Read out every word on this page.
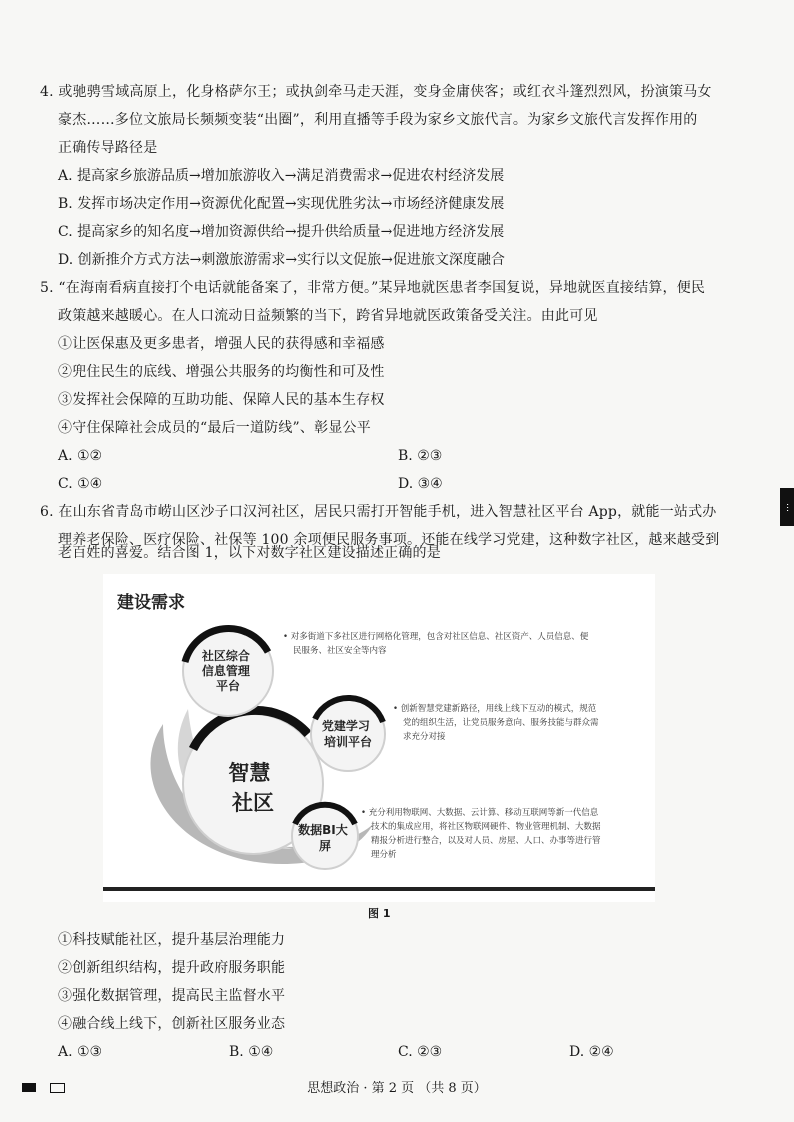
4. 或驰骋雪域高原上，化身格萨尔王；或执剑牵马走天涯，变身金庸侠客；或红衣斗篷烈烈风，扮演策马女
豪杰……多位文旅局长频频变装“出圈”，利用直播等手段为家乡文旅代言。为家乡文旅代言发挥作用的
正确传导路径是
A. 提高家乡旅游品质→增加旅游收入→满足消费需求→促进农村经济发展
B. 发挥市场决定作用→资源优化配置→实现优胜劣汰→市场经济健康发展
C. 提高家乡的知名度→增加资源供给→提升供给质量→促进地方经济发展
D. 创新推介方式方法→刺激旅游需求→实行以文促旅→促进旅文深度融合
5. “在海南看病直接打个电话就能备案了，非常方便。”某异地就医患者李国复说，异地就医直接结算，便民
政策越来越暖心。在人口流动日益频繁的当下，跨省异地就医政策备受关注。由此可见
①让医保惠及更多患者，增强人民的获得感和幸福感
②兜住民生的底线、增强公共服务的均衡性和可及性
③发挥社会保障的互助功能、保障人民的基本生存权
④守住保障社会成员的“最后一道防线”、彰显公平
A. ①②	B. ②③
C. ①④	D. ③④
6. 在山东省青岛市崂山区沙子口汉河社区，居民只需打开智能手机，进入智慧社区平台 App，就能一站式办
理养老保险、医疗保险、社保等 100 余项便民服务事项。还能在线学习党建，这种数字社区，越来越受到
老百姓的喜爱。结合图 1，以下对数字社区建设描述正确的是
建设需求
社区综合 信息管理 平台
党建学习 培训平台
数据BI大 屏
智慧 社区
• 对多街道下多社区进行网格化管理，包含对社区信息、社区资产、人员信息、便
民服务、社区安全等内容
• 创新智慧党建新路径，用线上线下互动的模式，规范
党的组织生活，让党员服务意向、服务技能与群众需
求充分对接
• 充分利用物联网、大数据、云计算、移动互联网等新一代信息
技术的集成应用，将社区物联网硬件、物业管理机制、大数据
精报分析进行整合，以及对人员、房屋、人口、办事等进行管
理分析
图 1
①科技赋能社区，提升基层治理能力
②创新组织结构，提升政府服务职能
③强化数据管理，提高民主监督水平
④融合线上线下，创新社区服务业态
A. ①③	B. ①④	C. ②③	D. ②④
思想政治 · 第 2 页 （共 8 页）
…
